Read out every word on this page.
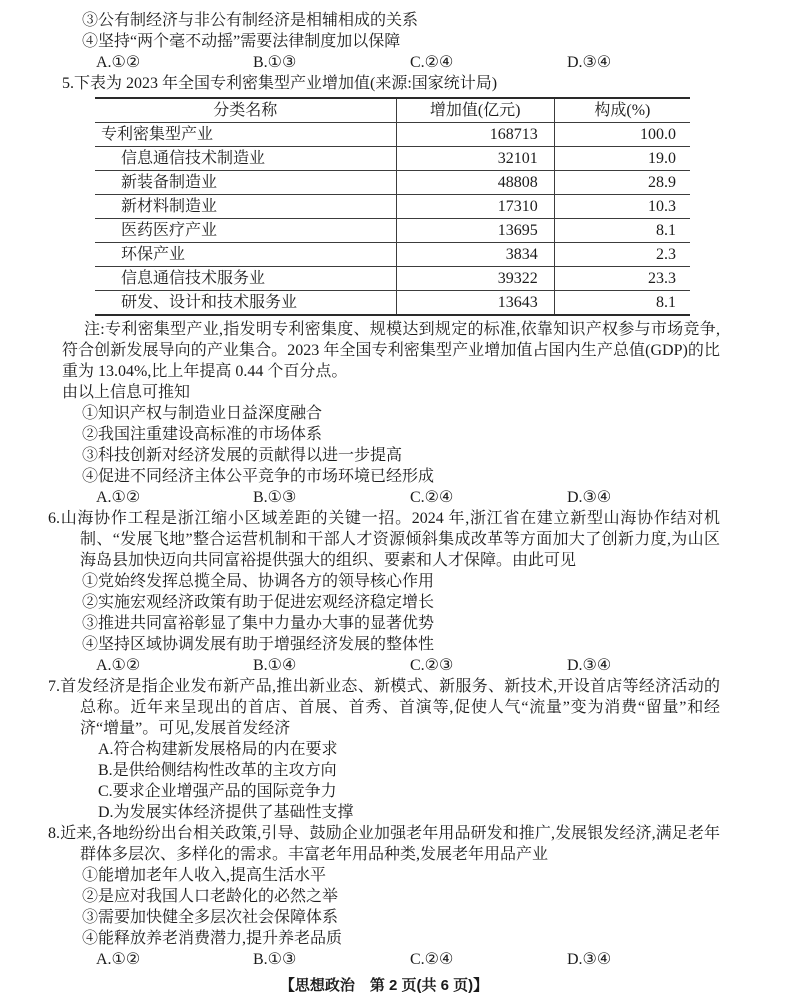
③公有制经济与非公有制经济是相辅相成的关系
④坚持“两个毫不动摇”需要法律制度加以保障
A.①②	B.①③	C.②④	D.③④
5.下表为 2023 年全国专利密集型产业增加值(来源:国家统计局)
分类名称	增加值(亿元)	构成(%)
专利密集型产业	168713	100.0
信息通信技术制造业	32101	19.0
新装备制造业	48808	28.9
新材料制造业	17310	10.3
医药医疗产业	13695	8.1
环保产业	3834	2.3
信息通信技术服务业	39322	23.3
研发、设计和技术服务业	13643	8.1
注:专利密集型产业,指发明专利密集度、规模达到规定的标准,依靠知识产权参与市场竞争,符合创新发展导向的产业集合。2023 年全国专利密集型产业增加值占国内生产总值(GDP)的比重为 13.04%,比上年提高 0.44 个百分点。
由以上信息可推知
①知识产权与制造业日益深度融合
②我国注重建设高标准的市场体系
③科技创新对经济发展的贡献得以进一步提高
④促进不同经济主体公平竞争的市场环境已经形成
A.①②	B.①③	C.②④	D.③④
6.山海协作工程是浙江缩小区域差距的关键一招。2024 年,浙江省在建立新型山海协作结对机制、“发展飞地”整合运营机制和干部人才资源倾斜集成改革等方面加大了创新力度,为山区海岛县加快迈向共同富裕提供强大的组织、要素和人才保障。由此可见
①党始终发挥总揽全局、协调各方的领导核心作用
②实施宏观经济政策有助于促进宏观经济稳定增长
③推进共同富裕彰显了集中力量办大事的显著优势
④坚持区域协调发展有助于增强经济发展的整体性
A.①②	B.①④	C.②③	D.③④
7.首发经济是指企业发布新产品,推出新业态、新模式、新服务、新技术,开设首店等经济活动的总称。近年来呈现出的首店、首展、首秀、首演等,促使人气“流量”变为消费“留量”和经济“增量”。可见,发展首发经济
A.符合构建新发展格局的内在要求
B.是供给侧结构性改革的主攻方向
C.要求企业增强产品的国际竞争力
D.为发展实体经济提供了基础性支撑
8.近来,各地纷纷出台相关政策,引导、鼓励企业加强老年用品研发和推广,发展银发经济,满足老年群体多层次、多样化的需求。丰富老年用品种类,发展老年用品产业
①能增加老年人收入,提高生活水平
②是应对我国人口老龄化的必然之举
③需要加快健全多层次社会保障体系
④能释放养老消费潜力,提升养老品质
A.①②	B.①③	C.②④	D.③④
【思想政治　第 2 页(共 6 页)】
